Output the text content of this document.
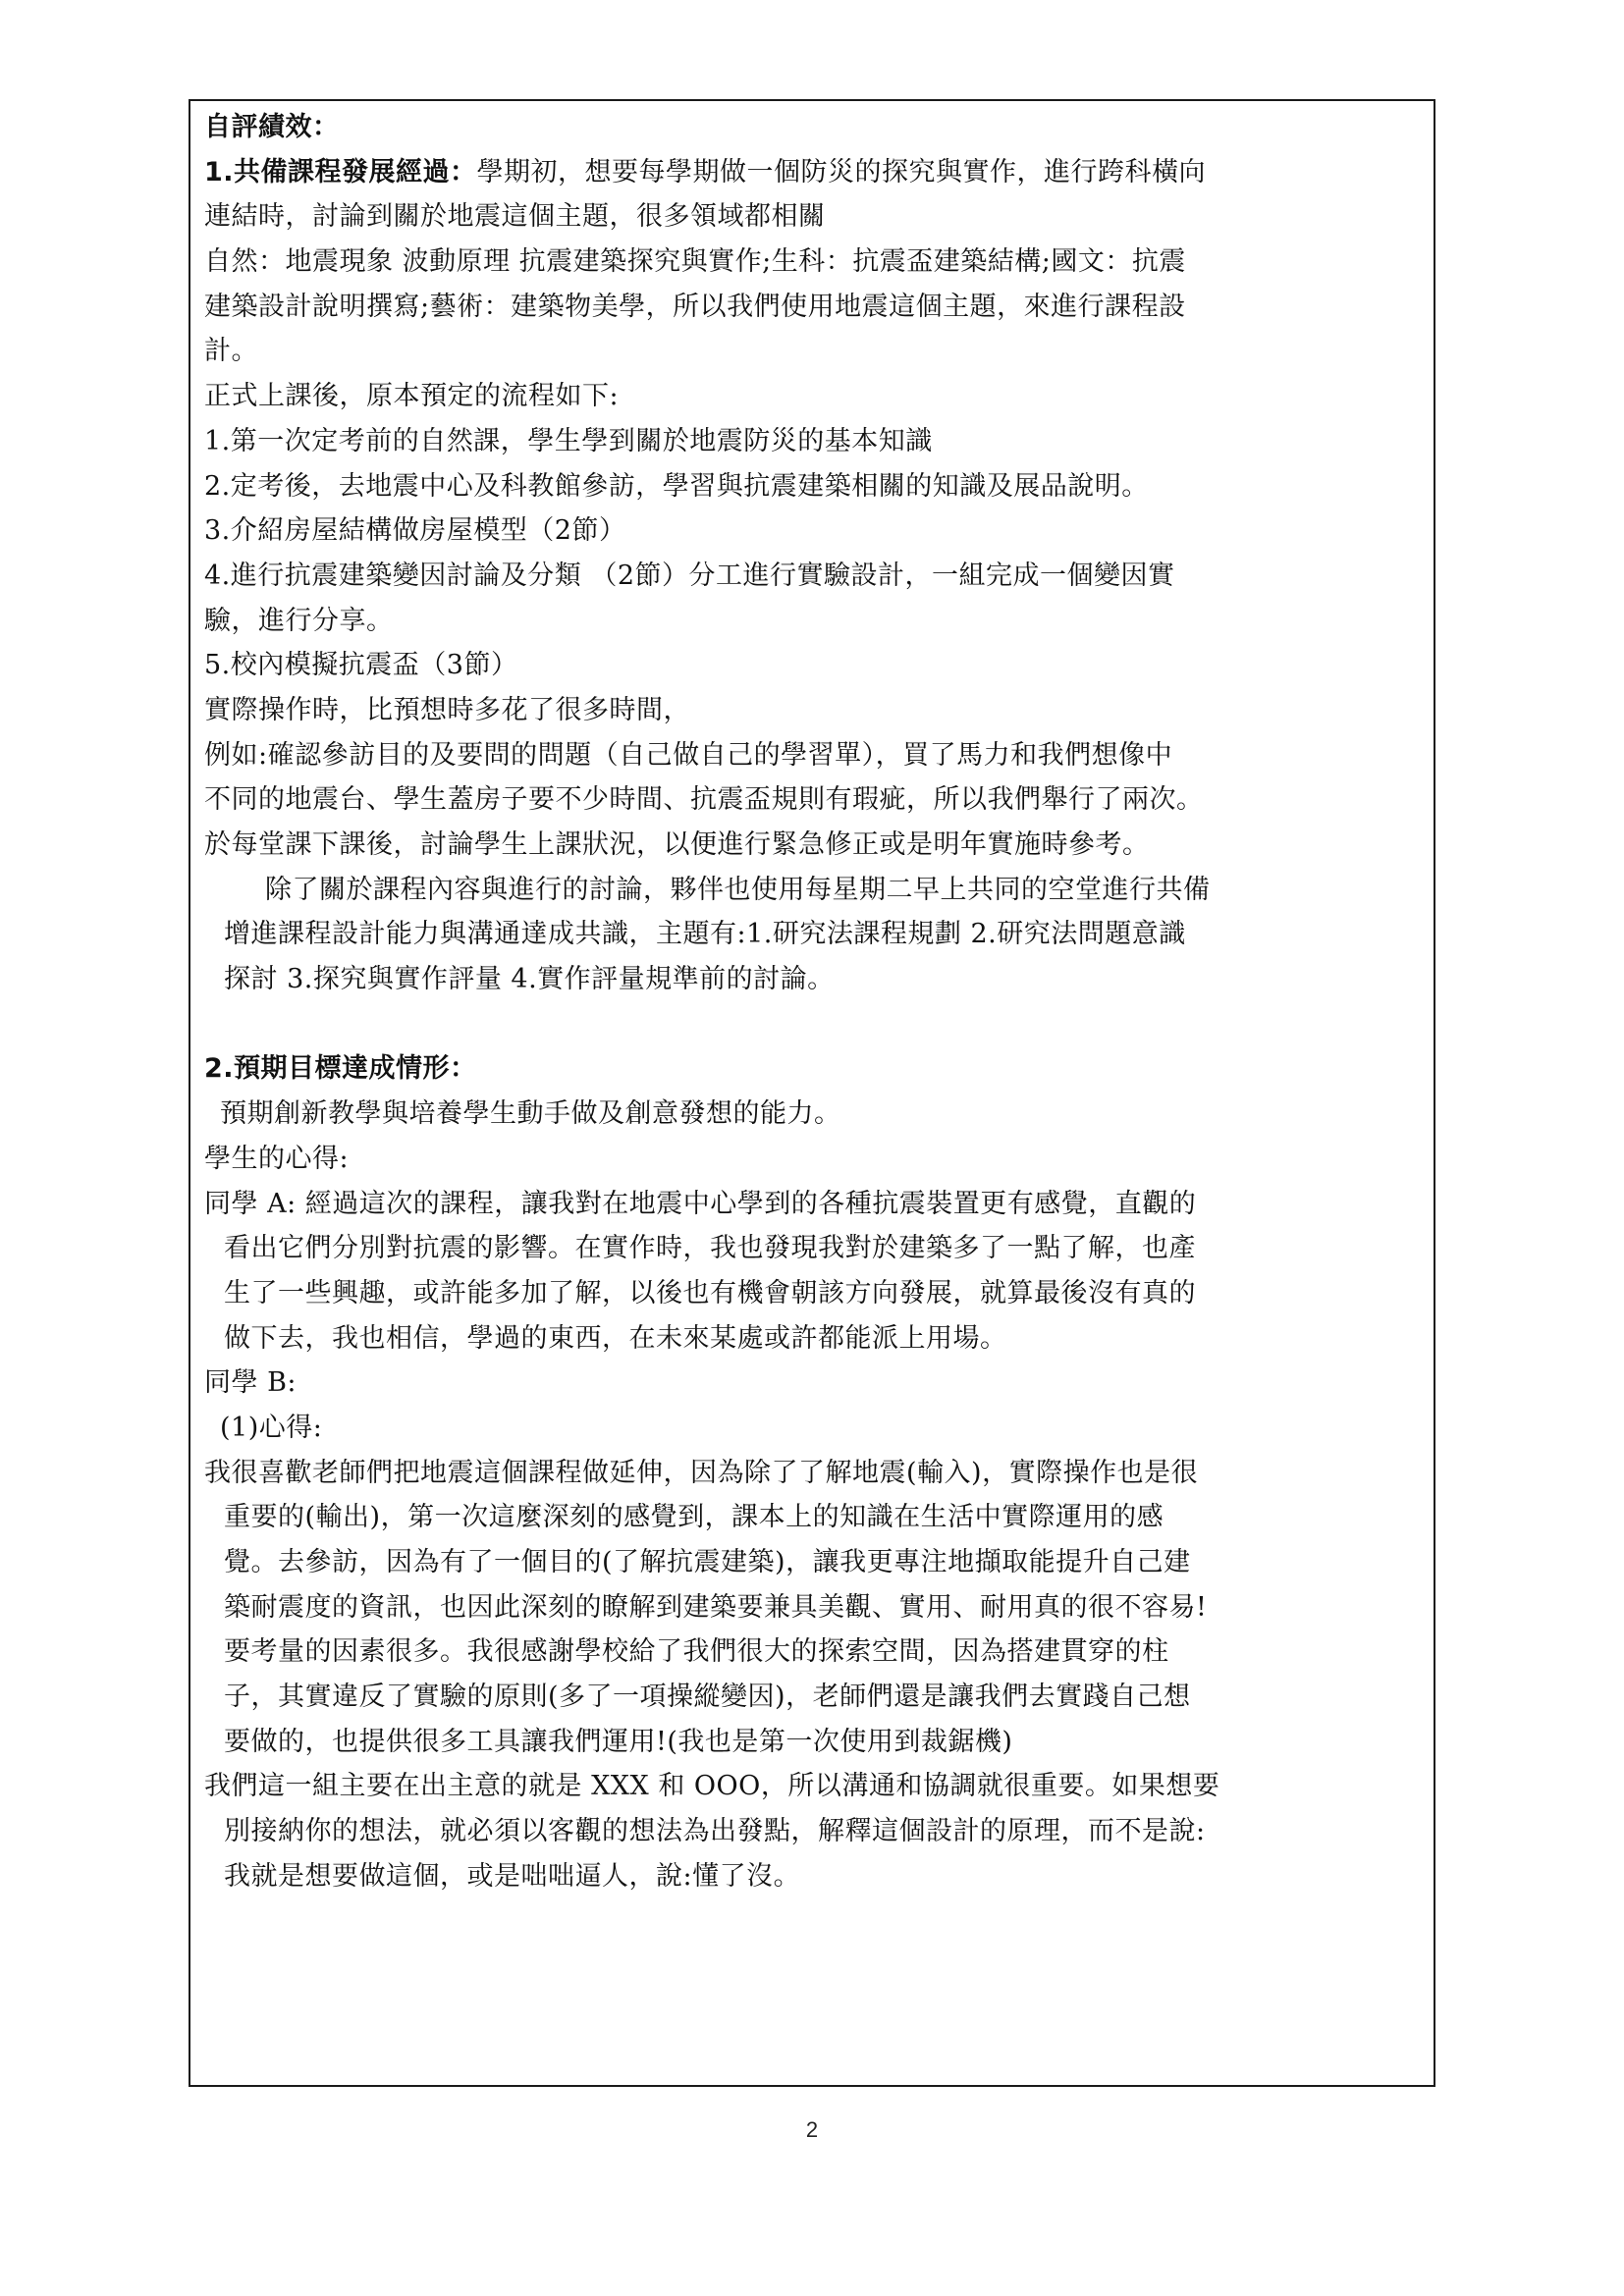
自評績效：
1.共備課程發展經過：學期初，想要每學期做一個防災的探究與實作，進行跨科橫向
連結時，討論到關於地震這個主題，很多領域都相關
自然：地震現象 波動原理 抗震建築探究與實作;生科：抗震盃建築結構;國文：抗震
建築設計說明撰寫;藝術：建築物美學，所以我們使用地震這個主題，來進行課程設
計。
正式上課後，原本預定的流程如下:
1.第一次定考前的自然課，學生學到關於地震防災的基本知識
2.定考後，去地震中心及科教館參訪，學習與抗震建築相關的知識及展品說明。
3.介紹房屋結構做房屋模型（2節）
4.進行抗震建築變因討論及分類 （2節）分工進行實驗設計，一組完成一個變因實
驗，進行分享。
5.校內模擬抗震盃（3節）
實際操作時，比預想時多花了很多時間，
例如:確認參訪目的及要問的問題（自己做自己的學習單），買了馬力和我們想像中
不同的地震台、學生蓋房子要不少時間、抗震盃規則有瑕疵，所以我們舉行了兩次。
於每堂課下課後，討論學生上課狀況，以便進行緊急修正或是明年實施時參考。
除了關於課程內容與進行的討論，夥伴也使用每星期二早上共同的空堂進行共備
增進課程設計能力與溝通達成共識，主題有:1.研究法課程規劃 2.研究法問題意識
探討 3.探究與實作評量 4.實作評量規準前的討論。
2.預期目標達成情形：
預期創新教學與培養學生動手做及創意發想的能力。
學生的心得:
同學 A: 經過這次的課程，讓我對在地震中心學到的各種抗震裝置更有感覺，直觀的
看出它們分別對抗震的影響。在實作時，我也發現我對於建築多了一點了解，也產
生了一些興趣，或許能多加了解，以後也有機會朝該方向發展，就算最後沒有真的
做下去，我也相信，學過的東西，在未來某處或許都能派上用場。
同學 B:
(1)心得:
我很喜歡老師們把地震這個課程做延伸，因為除了了解地震(輸入)，實際操作也是很
重要的(輸出)，第一次這麼深刻的感覺到，課本上的知識在生活中實際運用的感
覺。去參訪，因為有了一個目的(了解抗震建築)，讓我更專注地擷取能提升自己建
築耐震度的資訊，也因此深刻的瞭解到建築要兼具美觀、實用、耐用真的很不容易!
要考量的因素很多。我很感謝學校給了我們很大的探索空間，因為搭建貫穿的柱
子，其實違反了實驗的原則(多了一項操縱變因)，老師們還是讓我們去實踐自己想
要做的，也提供很多工具讓我們運用!(我也是第一次使用到裁鋸機)
我們這一組主要在出主意的就是 XXX 和 OOO，所以溝通和協調就很重要。如果想要
別接納你的想法，就必須以客觀的想法為出發點，解釋這個設計的原理，而不是說:
我就是想要做這個，或是咄咄逼人，說:懂了沒。
2
